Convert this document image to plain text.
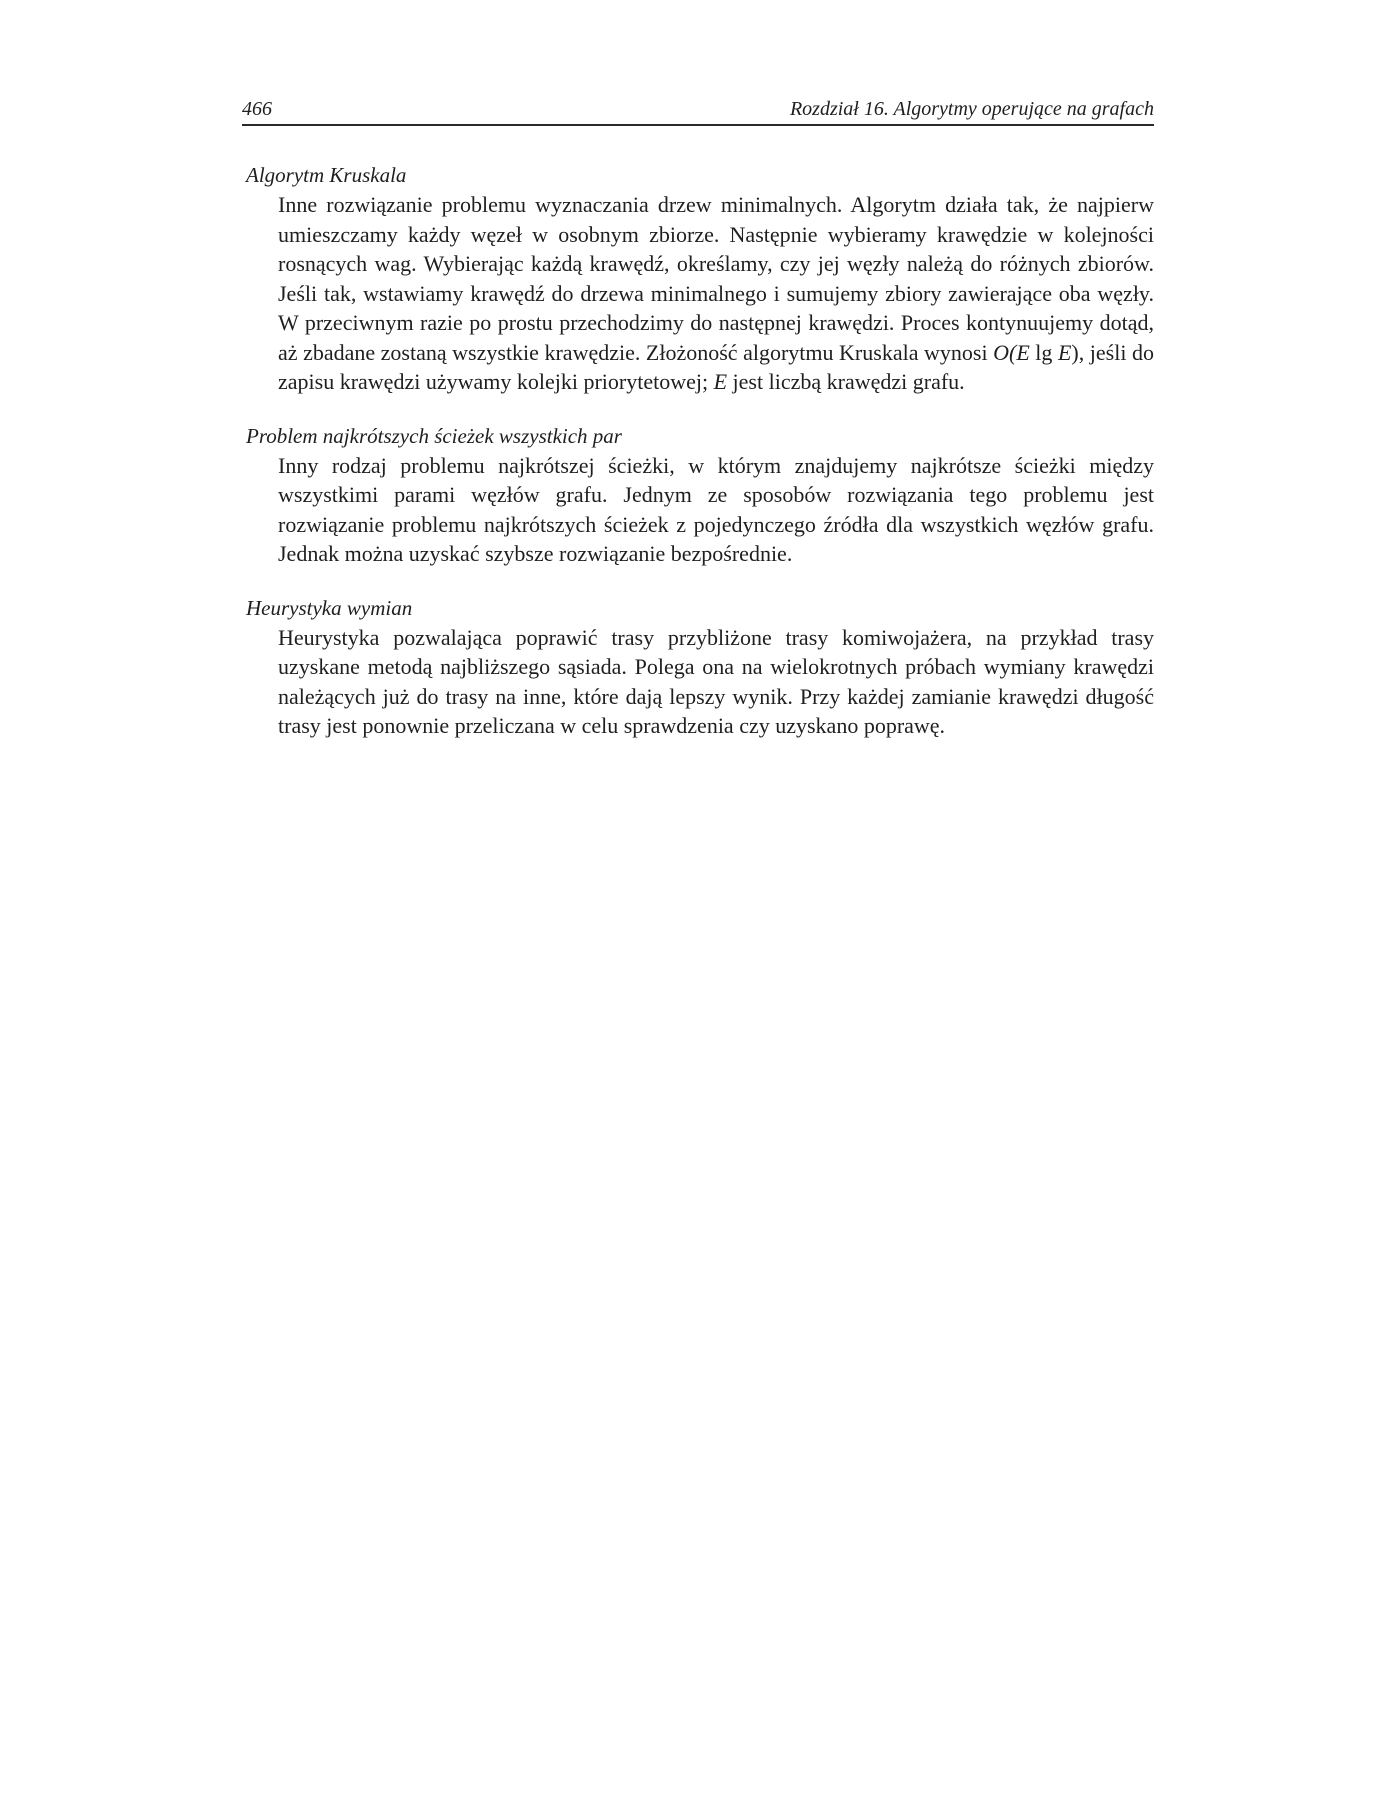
466	Rozdział 16. Algorytmy operujące na grafach

Algorytm Kruskala

Inne rozwiązanie problemu wyznaczania drzew minimalnych. Algorytm działa tak, że najpierw umieszczamy każdy węzeł w osobnym zbiorze. Następnie wybieramy krawędzie w kolejności rosnących wag. Wybierając każdą krawędź, określamy, czy jej węzły należą do różnych zbiorów. Jeśli tak, wstawiamy krawędź do drzewa minimalnego i sumujemy zbiory zawierające oba węzły. W przeciwnym razie po prostu przechodzimy do następnej krawędzi. Proces kontynuujemy dotąd, aż zbadane zostaną wszystkie krawędzie. Złożoność algorytmu Kruskala wynosi O(E lg E), jeśli do zapisu krawędzi używamy kolejki priorytetowej; E jest liczbą krawędzi grafu.

Problem najkrótszych ścieżek wszystkich par

Inny rodzaj problemu najkrótszej ścieżki, w którym znajdujemy najkrótsze ścieżki między wszystkimi parami węzłów grafu. Jednym ze sposobów rozwiązania tego problemu jest rozwiązanie problemu najkrótszych ścieżek z pojedynczego źródła dla wszystkich węzłów grafu. Jednak można uzyskać szybsze rozwiązanie bezpośrednie.

Heurystyka wymian

Heurystyka pozwalająca poprawić trasy przybliżone trasy komiwojażera, na przykład trasy uzyskane metodą najbliższego sąsiada. Polega ona na wielokrotnych próbach wymiany krawędzi należących już do trasy na inne, które dają lepszy wynik. Przy każdej zamianie krawędzi długość trasy jest ponownie przeliczana w celu sprawdzenia czy uzyskano poprawę.
